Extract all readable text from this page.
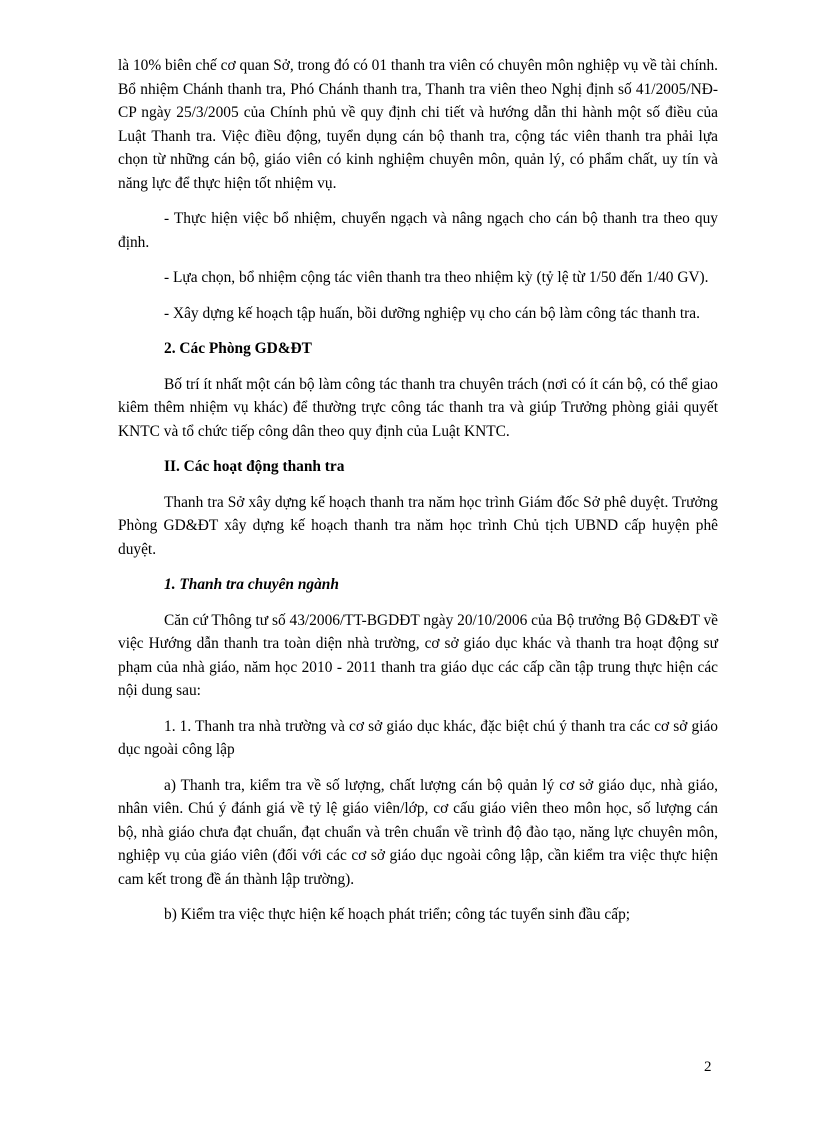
là 10% biên chế cơ quan Sở, trong đó có 01 thanh tra viên có chuyên môn nghiệp vụ về tài chính. Bổ nhiệm Chánh thanh tra, Phó Chánh thanh tra, Thanh tra viên theo Nghị định số 41/2005/NĐ-CP ngày 25/3/2005 của Chính phủ về quy định chi tiết và hướng dẫn thi hành một số điều của Luật Thanh tra. Việc điều động, tuyển dụng cán bộ thanh tra, cộng tác viên thanh tra phải lựa chọn từ những cán bộ, giáo viên có kinh nghiệm chuyên môn, quản lý, có phẩm chất, uy tín và năng lực để thực hiện tốt nhiệm vụ.

- Thực hiện việc bổ nhiệm, chuyển ngạch và nâng ngạch cho cán bộ thanh tra theo quy định.

- Lựa chọn, bổ nhiệm cộng tác viên thanh tra theo nhiệm kỳ (tỷ lệ từ 1/50 đến 1/40 GV).

- Xây dựng kế hoạch tập huấn, bồi dưỡng nghiệp vụ cho cán bộ làm công tác thanh tra.

2. Các Phòng GD&ĐT

Bố trí ít nhất một cán bộ làm công tác thanh tra chuyên trách (nơi có ít cán bộ, có thể giao kiêm thêm nhiệm vụ khác) để thường trực công tác thanh tra và giúp Trưởng phòng giải quyết KNTC và tổ chức tiếp công dân theo quy định của Luật KNTC.

II. Các hoạt động thanh tra

Thanh tra Sở xây dựng kế hoạch thanh tra năm học trình Giám đốc Sở phê duyệt. Trưởng Phòng GD&ĐT xây dựng kế hoạch thanh tra năm học trình Chủ tịch UBND cấp huyện phê duyệt.

1. Thanh tra chuyên ngành

Căn cứ Thông tư số 43/2006/TT-BGDĐT ngày 20/10/2006 của Bộ trưởng Bộ GD&ĐT về việc Hướng dẫn thanh tra toàn diện nhà trường, cơ sở giáo dục khác và thanh tra hoạt động sư phạm của nhà giáo, năm học 2010 - 2011 thanh tra giáo dục các cấp cần tập trung thực hiện các nội dung sau:

1. 1. Thanh tra nhà trường và cơ sở giáo dục khác, đặc biệt chú ý thanh tra các cơ sở giáo dục ngoài công lập

a) Thanh tra, kiểm tra về số lượng, chất lượng cán bộ quản lý cơ sở giáo dục, nhà giáo, nhân viên. Chú ý đánh giá về tỷ lệ giáo viên/lớp, cơ cấu giáo viên theo môn học, số lượng cán bộ, nhà giáo chưa đạt chuẩn, đạt chuẩn và trên chuẩn về trình độ đào tạo, năng lực chuyên môn, nghiệp vụ của giáo viên (đối với các cơ sở giáo dục ngoài công lập, cần kiểm tra việc thực hiện cam kết trong đề án thành lập trường).

b) Kiểm tra việc thực hiện kế hoạch phát triển; công tác tuyển sinh đầu cấp;

2
